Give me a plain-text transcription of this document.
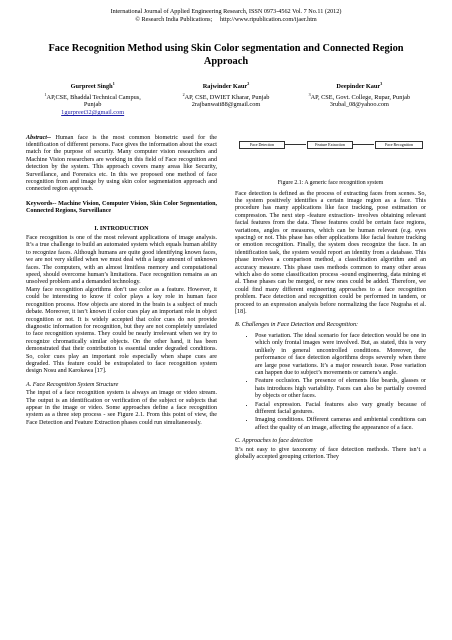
International Journal of Applied Engineering Research, ISSN 0973-4562 Vol. 7 No.11 (2012)
© Research India Publications; http://www.ripublication.com/ijaer.htm
Face Recognition Method using Skin Color segmentation and Connected Region Approach
Gurpreet Singh$^1$
$^1$AP,CSE, Bhaddal Technical Campus,
Punjab
1gurpreet32@gmail.com
Rajwinder Kaur$^2$
$^2$AP, CSE, DWIET Kharar, Punjab
2rajbanwait88@gmail.com
Deepinder Kaur$^3$
$^3$AP, CSE, Govt. College, Rupar, Punjab
3rubal_08@yahoo.com

Abstract-- Human face is the most common biometric used for the identification of different persons. Face gives the information about the exact match for the purpose of security. Many computer vision researchers and Machine Vision researchers are working in this field of Face recognition and detection by the system. This approach covers many areas like Security, Surveillance, and Forensics etc. In this we proposed one method of face recognition from and image by using skin color segmentation approach and connected region approach.

Keywords-- Machine Vision, Computer Vision, Skin Color Segmentation, Connected Regions, Surveillance

I. INTRODUCTION

Face recognition is one of the most relevant applications of image analysis. It’s a true challenge to build an automated system which equals human ability to recognize faces. Although humans are quite good identifying known faces, we are not very skilled when we must deal with a large amount of unknown faces. The computers, with an almost limitless memory and computational speed, should overcome human’s limitations. Face recognition remains as an unsolved problem and a demanded technology.

Many face recognition algorithms don’t use color as a feature. However, it could be interesting to know if color plays a key role in human face recognition process. How objects are stored in the brain is a subject of much debate. Moreover, it isn’t known if color cues play an important role in object recognition or not. It is widely accepted that color cues do not provide diagnostic information for recognition, but they are not completely unrelated to face recognition systems. They could be nearly irrelevant when we try to recognize chromatically similar objects. On the other hand, it has been demonstrated that their contribution is essential under degraded conditions. So, color cues play an important role especially when shape cues are degraded. This feature could be extrapolated to face recognition system design Nosu and Karokawa [17].

A. Face Recognition System Structure

The input of a face recognition system is always an image or video stream. The output is an identification or verification of the subject or subjects that appear in the image or video. Some approaches define a face recognition system as a three step process - see Figure 2.1. From this point of view, the Face Detection and Feature Extraction phases could run simultaneously.

Face Detection	Feature Extraction	Face Recognition
Figure 2.1: A generic face recognition system

Face detection is defined as the process of extracting faces from scenes. So, the system positively identifies a certain image region as a face. This procedure has many applications like face tracking, pose estimation or compression. The next step -feature extraction- involves obtaining relevant facial features from the data. These features could be certain face regions, variations, angles or measures, which can be human relevant (e.g. eyes spacing) or not. This phase has other applications like facial feature tracking or emotion recognition. Finally, the system does recognize the face. In an identification task, the system would report an identity from a database. This phase involves a comparison method, a classification algorithm and an accuracy measure. This phase uses methods common to many other areas which also do some classification process -sound engineering, data mining et al. These phases can be merged, or new ones could be added. Therefore, we could find many different engineering approaches to a face recognition problem. Face detection and recognition could be performed in tandem, or proceed to an expression analysis before normalizing the face Nugraha et al. [18].

B. Challenges in Face Detection and Recognition:
• Pose variation. The ideal scenario for face detection would be one in which only frontal images were involved. But, as stated, this is very unlikely in general uncontrolled conditions. Moreover, the performance of face detection algorithms drops severely when there are large pose variations. It’s a major research issue. Pose variation can happen due to subject’s movements or camera’s angle.
• Feature occlusion. The presence of elements like beards, glasses or hats introduces high variability. Faces can also be partially covered by objects or other faces.
• Facial expression. Facial features also vary greatly because of different facial gestures.
• Imaging conditions. Different cameras and ambiental conditions can affect the quality of an image, affecting the appearance of a face.
C. Approaches to face detection

It’s not easy to give taxonomy of face detection methods. There isn’t a globally accepted grouping criterion. They
